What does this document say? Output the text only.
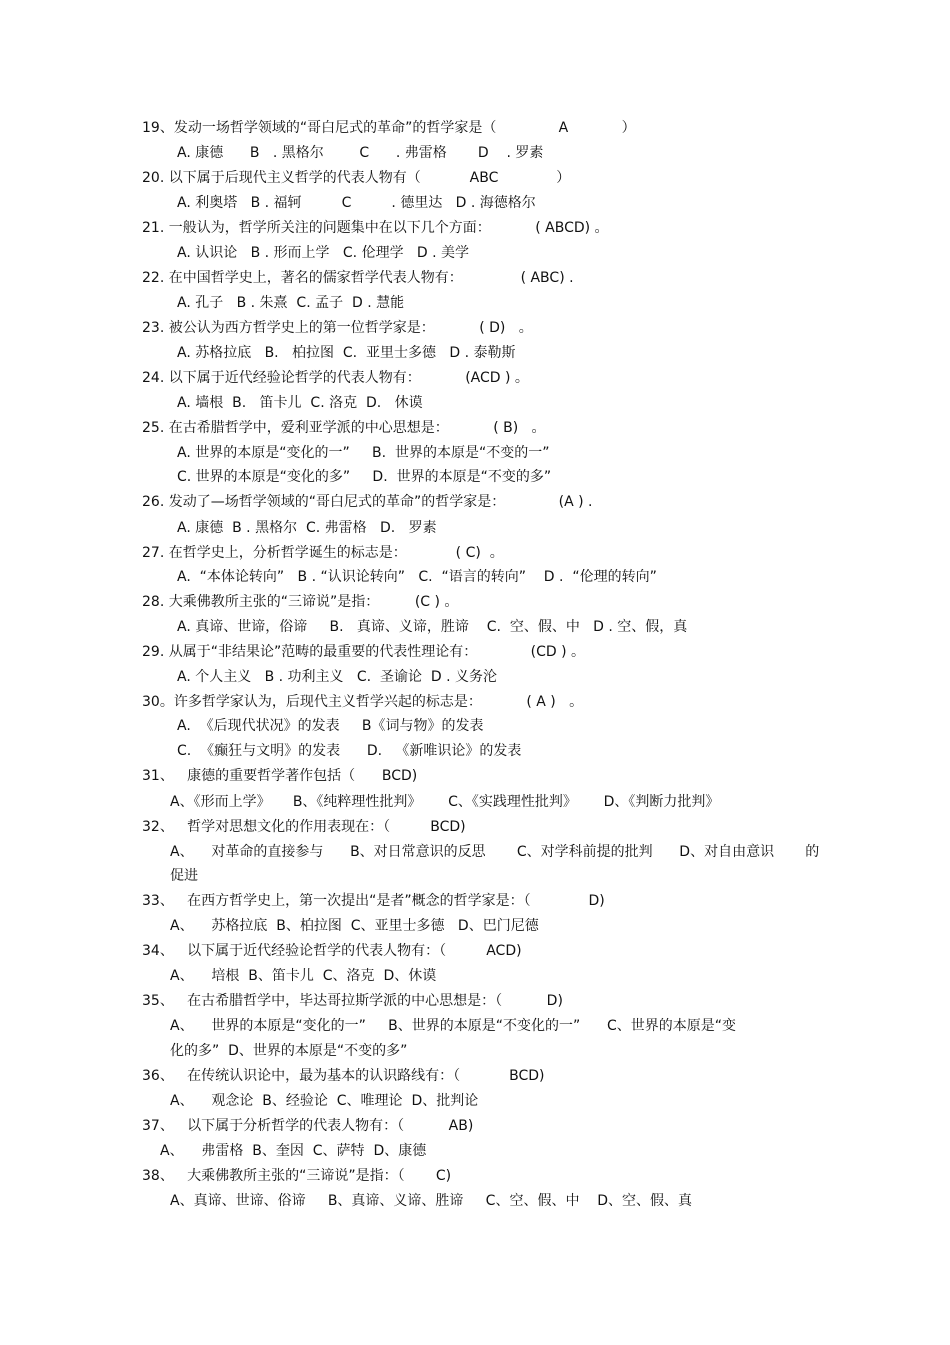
19、发动一场哲学领域的“哥白尼式的革命”的哲学家是（              A            ）
A. 康德      B   . 黑格尔        C      . 弗雷格       D    . 罗素
20. 以下属于后现代主义哲学的代表人物有（           ABC             ）
A. 利奥塔   B . 福轲         C         . 德里达   D . 海德格尔
21. 一般认为，哲学所关注的问题集中在以下几个方面：          ( ABCD) 。
A. 认识论   B . 形而上学   C. 伦理学   D . 美学
22. 在中国哲学史上，著名的儒家哲学代表人物有：             ( ABC) .
A. 孔子   B . 朱熹  C. 孟子  D . 慧能
23. 被公认为西方哲学史上的第一位哲学家是：          ( D)   。
A. 苏格拉底   B.   柏拉图  C.  亚里士多德   D . 泰勒斯
24. 以下属于近代经验论哲学的代表人物有：          (ACD ) 。
A. 墙根  B.   笛卡儿  C. 洛克  D.   休谟
25. 在古希腊哲学中，爱利亚学派的中心思想是：          ( B)   。
A. 世界的本原是“变化的一”     B.  世界的本原是“不变的一”
C. 世界的本原是“变化的多”     D.  世界的本原是“不变的多”
26. 发动了—场哲学领域的“哥白尼式的革命”的哲学家是：            (A ) .
A. 康德  B . 黑格尔  C. 弗雷格   D.   罗素
27. 在哲学史上，分析哲学诞生的标志是：           ( C)  。
A.  “本体论转向”   B . “认识论转向”   C.  “语言的转向”    D .  “伦理的转向”
28. 大乘佛教所主张的“三谛说”是指：        (C ) 。
A. 真谛、世谛，俗谛     B.   真谛、义谛，胜谛    C.  空、假、中   D . 空、假，真
29. 从属于“非结果论”范畴的最重要的代表性理论有：            (CD ) 。
A. 个人主义   B . 功利主义   C.  圣谕论  D . 义务沦
30。许多哲学家认为，后现代主义哲学兴起的标志是：          ( A )   。
A.  《后现代状况》的发表     B《词与物》的发表
C.  《癫狂与文明》的发表      D.   《新唯识论》的发表
31、   康德的重要哲学著作包括（      BCD)
A、《形而上学》     B、《纯粹理性批判》      C、《实践理性批判》      D、《判断力批判》
32、   哲学对思想文化的作用表现在：（         BCD)
A、    对革命的直接参与      B、对日常意识的反思       C、对学科前提的批判      D、对自由意识       的
促进
33、   在西方哲学史上，第一次提出“是者”概念的哲学家是：（             D)
A、    苏格拉底  B、柏拉图  C、亚里士多德   D、巴门尼德
34、   以下属于近代经验论哲学的代表人物有：（         ACD)
A、    培根  B、笛卡儿  C、洛克  D、休谟
35、   在古希腊哲学中，毕达哥拉斯学派的中心思想是：（          D)
A、    世界的本原是“变化的一”     B、世界的本原是“不变化的一”      C、世界的本原是“变
化的多”  D、世界的本原是“不变的多”
36、   在传统认识论中，最为基本的认识路线有：（           BCD)
A、    观念论  B、经验论  C、唯理论  D、批判论
37、   以下属于分析哲学的代表人物有：（          AB)
A、    弗雷格  B、奎因  C、萨特  D、康德
38、   大乘佛教所主张的“三谛说”是指：（       C)
A、真谛、世谛、俗谛     B、真谛、义谛、胜谛     C、空、假、中    D、空、假、真
